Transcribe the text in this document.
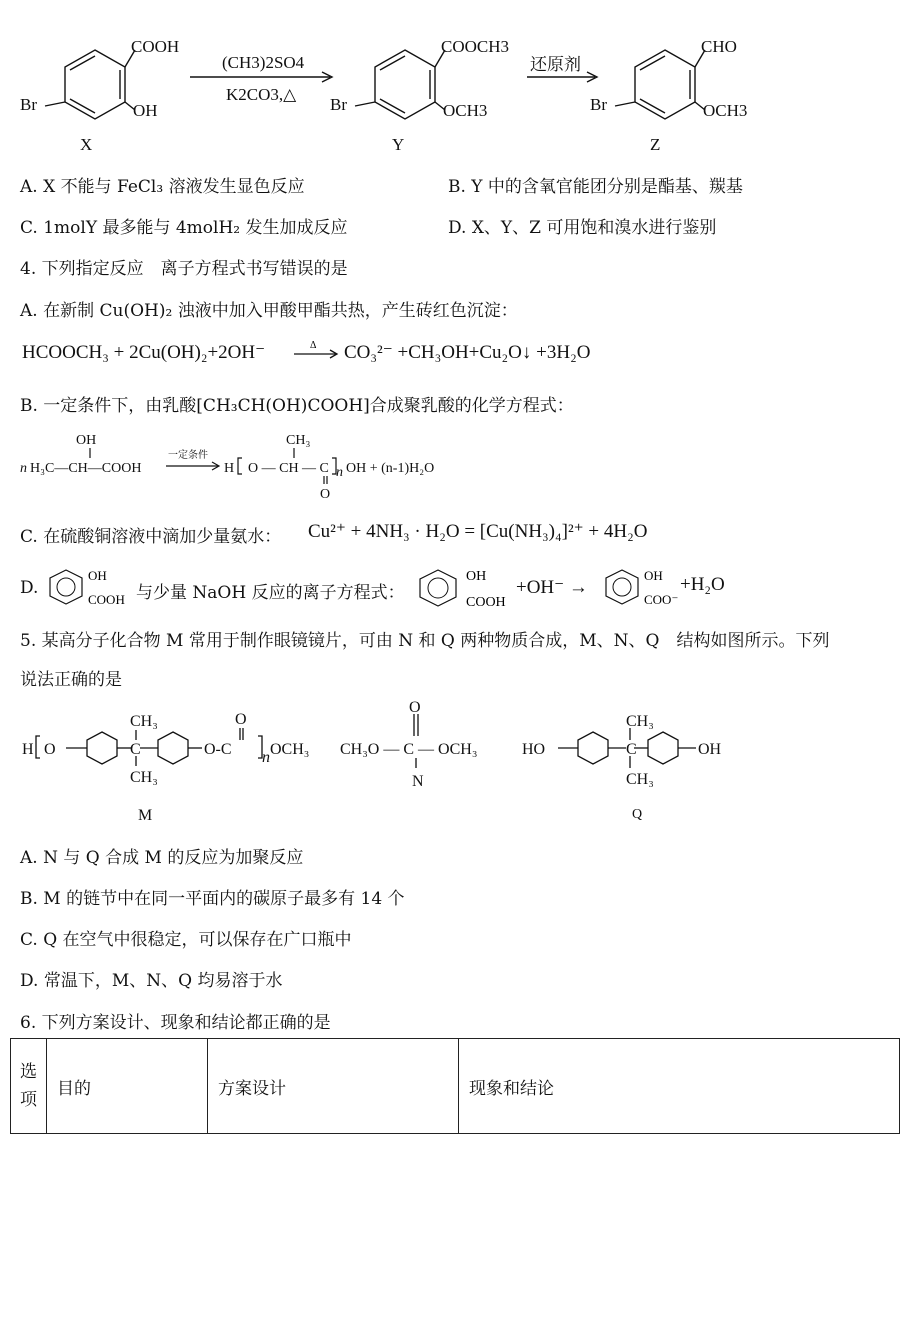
COOH
OH
Br
X
(CH3)2SO4
K2CO3,△
COOCH3
OCH3
Br
Y
还原剂
CHO
OCH3
Br
Z
A. X 不能与 FeCl₃ 溶液发生显色反应	B. Y 中的含氧官能团分别是酯基、羰基
C. 1molY 最多能与 4molH₂ 发生加成反应	D. X、Y、Z 可用饱和溴水进行鉴别
4. 下列指定反应　离子方程式书写错误的是
A. 在新制 Cu(OH)₂ 浊液中加入甲酸甲酯共热，产生砖红色沉淀：
HCOOCH₃ + 2Cu(OH)₂+2OH⁻	Δ CO₃²⁻ +CH₃OH+Cu₂O↓ +3H₂O
B. 一定条件下，由乳酸[CH₃CH(OH)COOH]合成聚乳酸的化学方程式：
n H₃C—CH—COOH
OH
H O — CH — C
CH₃
O
n OH + (n-1)H₂O
一定条件
C. 在硫酸铜溶液中滴加少量氨水： Cu²⁺ + 4NH₃ · H₂O = [Cu(NH₃)₄]²⁺ + 4H₂O
D.
OH
COOH 与少量 NaOH 反应的离子方程式：
OH
COOH
+OH⁻ →
OH
COO⁻
+H₂O
5. 某高分子化合物 M 常用于制作眼镜镜片，可由 N 和 Q 两种物质合成，M、N、Q　结构如图所示。下列
说法正确的是
H O
CH₃
C
CH₃
O-C
O
n OCH₃ CH₃O — C — OCH₃
O
HO
CH₃
C
CH₃
OH
M
N
Q
A. N 与 Q 合成 M 的反应为加聚反应
B. M 的链节中在同一平面内的碳原子最多有 14 个
C. Q 在空气中很稳定，可以保存在广口瓶中
D. 常温下，M、N、Q 均易溶于水
6. 下列方案设计、现象和结论都正确的是
选
项	目的	方案设计	现象和结论
